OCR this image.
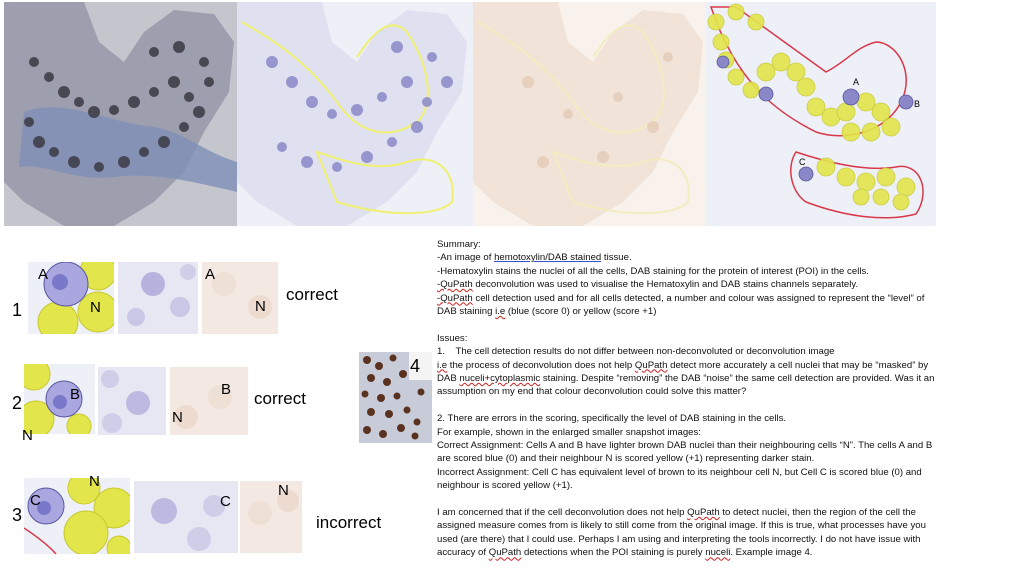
A
B
C
1
A
N
A
N
correct
2	B
N
B
N
correct
3
C
N
C
N
incorrect
4

Summary:

-An image of hemotoxylin/DAB stained tissue.

-Hematoxylin stains the nuclei of all the cells, DAB staining for the protein of interest (POI) in the cells.

-QuPath deconvolution was used to visualise the Hematoxylin and DAB stains channels separately.

-QuPath cell detection used and for all cells detected, a number and colour was assigned to represent the “level” of

DAB staining i.e (blue (score 0) or yellow (score +1)

Issues:

1.    The cell detection results do not differ between non-deconvoluted or deconvolution image

i.e the process of deconvolution does not help QuPath detect more accurately a cell nuclei that may be “masked” by

DAB nuceli+cytoplasmic staining. Despite “removing” the DAB “noise” the same cell detection are provided. Was it an

assumption on my end that colour deconvolution could solve this matter?

2. There are errors in the scoring, specifically the level of DAB staining in the cells.

For example, shown in the enlarged smaller snapshot images:

Correct Assignment: Cells A and B have lighter brown DAB nuclei than their neighbouring cells “N”. The cells A and B

are scored blue (0) and their neighbour N is scored yellow (+1) representing darker stain.

Incorrect Assignment: Cell C has equivalent level of brown to its neighbour cell N, but Cell C is scored blue (0) and

neighbour is scored yellow (+1).

I am concerned that if the cell deconvolution does not help QuPath to detect nuclei, then the region of the cell the

assigned measure comes from is likely to still come from the original image. If this is true, what processes have you

used (are there) that I could use. Perhaps I am using and interpreting the tools incorrectly. I do not have issue with

accuracy of QuPath detections when the POI staining is purely nuceli. Example image 4.
